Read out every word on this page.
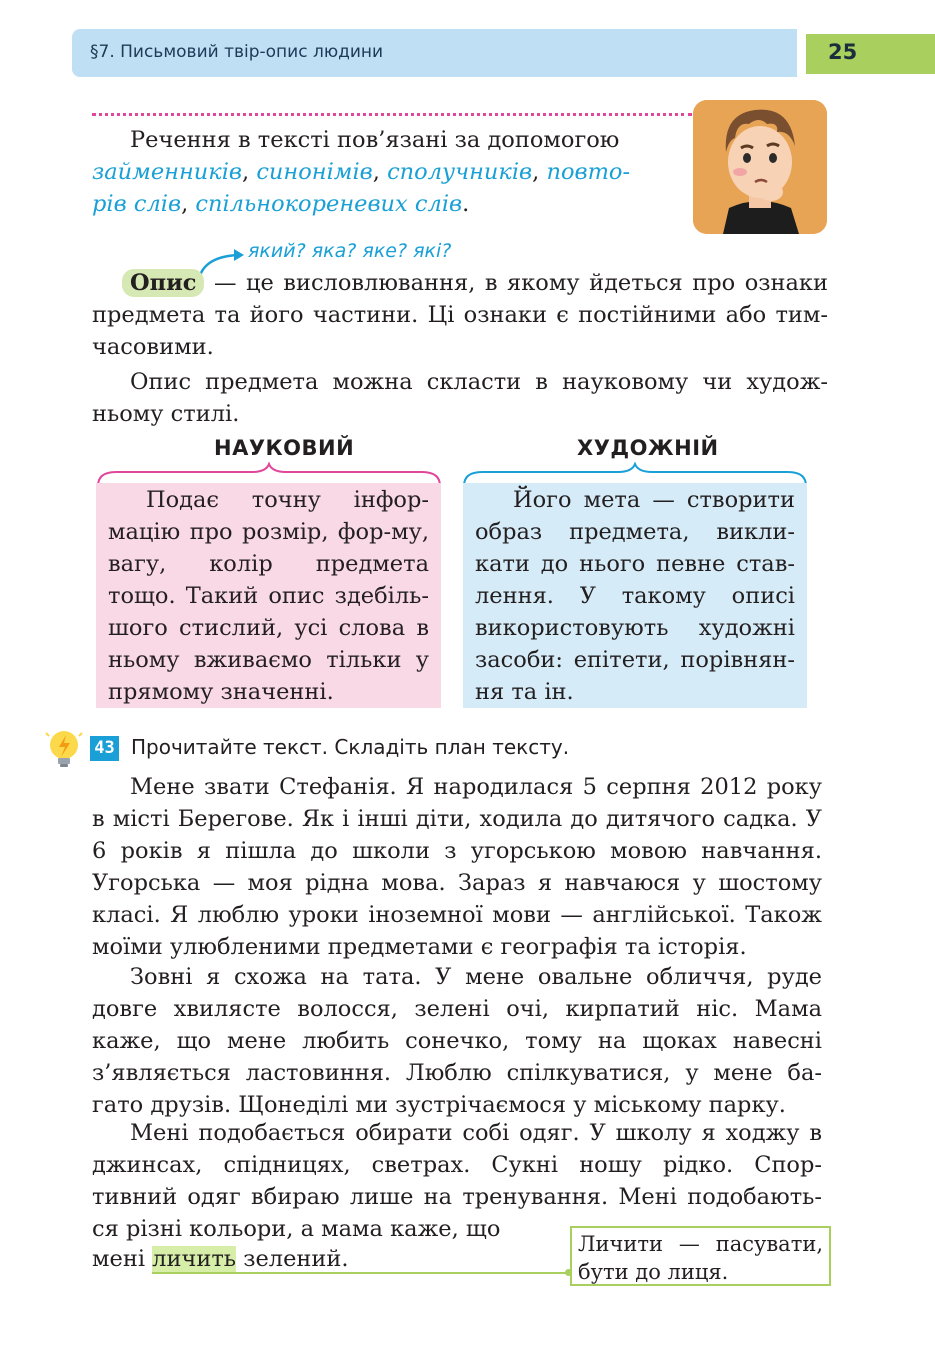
§7. Письмовий твір-опис людини	25
Речення в тексті пов’язані за допомогою
займенників, синонімів, сполучників, повто-
рів слів, спільнокореневих слів.
який? яка? яке? які?
Опис — це висловлювання, в якому йдеться про ознаки предмета та його частини. Ці ознаки є постійними або тим-часовими.
Опис предмета можна скласти в науковому чи худож-ньому стилі.
НАУКОВИЙ	ХУДОЖНІЙ
Подає точну інфор-мацію про розмір, фор-му, вагу, колір предмета тощо. Такий опис здебіль-шого стислий, усі слова в ньому вживаємо тільки у прямому значенні.
Його мета — створити образ предмета, викли-кати до нього певне став-лення. У такому описі використовують художні засоби: епітети, порівнян-ня та ін.
43 Прочитайте текст. Складіть план тексту.
Мене звати Стефанія. Я народилася 5 серпня 2012 року в місті Берегове. Як і інші діти, ходила до дитячого садка. У 6 років я пішла до школи з угорською мовою навчання. Угорська — моя рідна мова. Зараз я навчаюся у шостому класі. Я люблю уроки іноземної мови — англійської. Також моїми улюбленими предметами є географія та історія.
Зовні я схожа на тата. У мене овальне обличчя, руде довге хвилясте волосся, зелені очі, кирпатий ніс. Мама каже, що мене любить сонечко, тому на щоках навесні з’являється ластовиння. Люблю спілкуватися, у мене ба-гато друзів. Щонеділі ми зустрічаємося у міському парку.
Мені подобається обирати собі одяг. У школу я ходжу в джинсах, спідницях, светрах. Сукні ношу рідко. Спор-тивний одяг вбираю лише на тренування. Мені подобають-ся різні кольори, а мама каже, що
мені личить зелений.
Личити — пасувати, бути до лиця.
